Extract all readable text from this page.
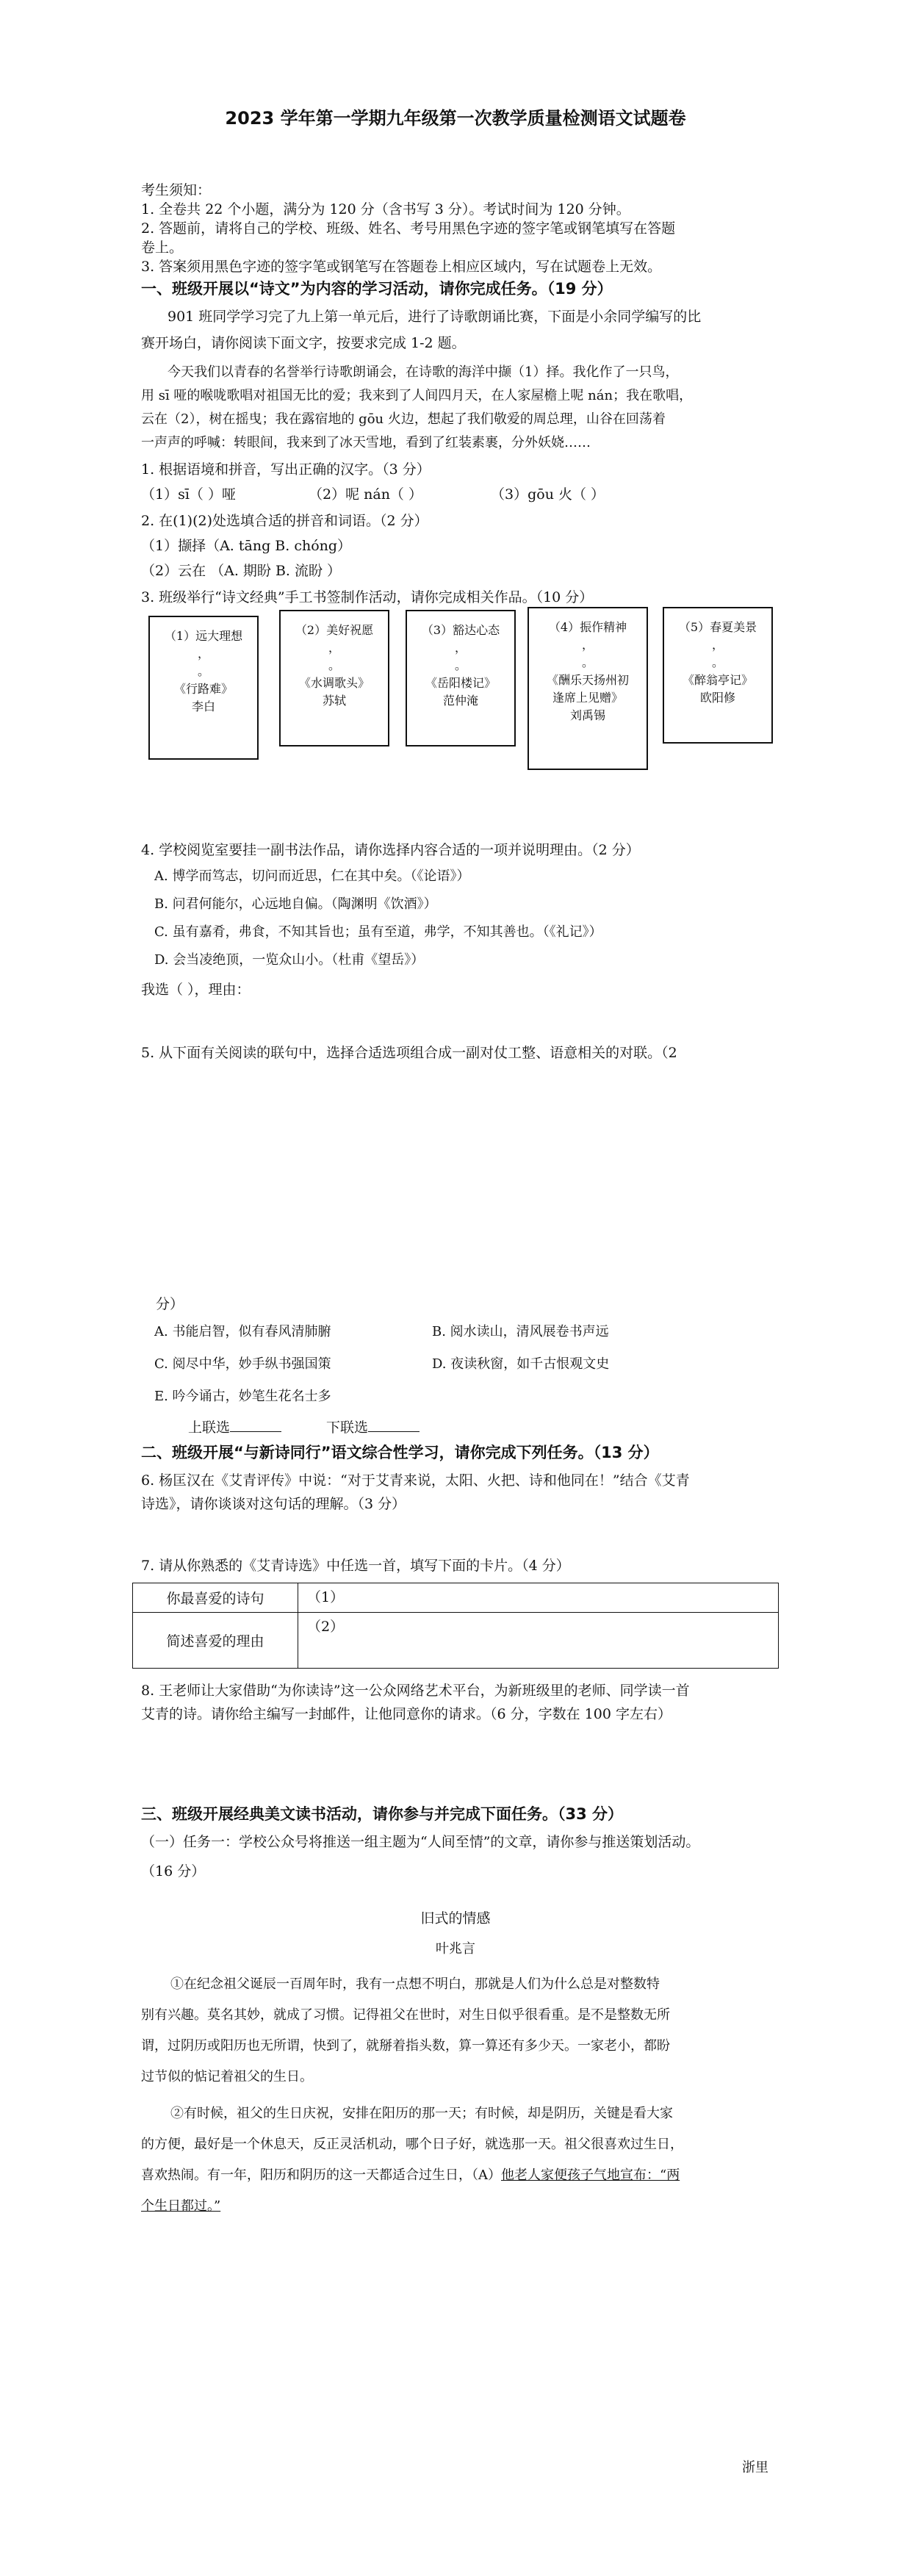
2023 学年第一学期九年级第一次教学质量检测语文试题卷
考生须知：
1. 全卷共 22 个小题，满分为 120 分（含书写 3 分）。考试时间为 120 分钟。
2. 答题前，请将自己的学校、班级、姓名、考号用黑色字迹的签字笔或钢笔填写在答题
卷上。
3. 答案须用黑色字迹的签字笔或钢笔写在答题卷上相应区域内，写在试题卷上无效。
一、班级开展以“诗文”为内容的学习活动，请你完成任务。（19 分）
901 班同学学习完了九上第一单元后，进行了诗歌朗诵比赛，下面是小余同学编写的比
赛开场白，请你阅读下面文字，按要求完成 1-2 题。
今天我们以青春的名誉举行诗歌朗诵会，在诗歌的海洋中撷（1）择。我化作了一只鸟，
用 sī 哑的喉咙歌唱对祖国无比的爱；我来到了人间四月天，在人家屋檐上呢 nán；我在歌唱，
云在（2），树在摇曳；我在露宿地的 gōu 火边，想起了我们敬爱的周总理，山谷在回荡着
一声声的呼喊：转眼间，我来到了冰天雪地，看到了红装素裹，分外妖娆……
1. 根据语境和拼音，写出正确的汉字。（3 分）
（1）sī（ ）哑	（2）呢 nán（ ）	（3）gōu 火（ ）
2. 在(1)(2)处选填合适的拼音和词语。（2 分）
（1）撷择（A. tāng B. chóng）
（2）云在 （A. 期盼 B. 流盼 ）
3. 班级举行“诗文经典”手工书签制作活动，请你完成相关作品。（10 分）
（1）远大理想
，
。
《行路难》
李白
（2）美好祝愿
，
。
《水调歌头》
苏轼
（3）豁达心态
，
。
《岳阳楼记》
范仲淹
（4）振作精神
，
。
《酬乐天扬州初
逢席上见赠》
刘禹锡
（5）春夏美景
，
。
《醉翁亭记》
欧阳修
4. 学校阅览室要挂一副书法作品，请你选择内容合适的一项并说明理由。（2 分）
A. 博学而笃志，切问而近思，仁在其中矣。（《论语》）
B. 问君何能尔，心远地自偏。（陶渊明《饮酒》）
C. 虽有嘉肴，弗食，不知其旨也；虽有至道，弗学，不知其善也。（《礼记》）
D. 会当凌绝顶，一览众山小。（杜甫《望岳》）
我选（ ），理由：
5. 从下面有关阅读的联句中，选择合适选项组合成一副对仗工整、语意相关的对联。（2
分）
A. 书能启智，似有春风清肺腑	B. 阅水读山，清风展卷书声远
C. 阅尽中华，妙手纵书强国策	D. 夜读秋窗，如千古恨观文史
E. 吟今诵古，妙笔生花名士多
上联选	下联选
二、班级开展“与新诗同行”语文综合性学习，请你完成下列任务。（13 分）
6. 杨匡汉在《艾青评传》中说：“对于艾青来说，太阳、火把、诗和他同在！”结合《艾青
诗选》，请你谈谈对这句话的理解。（3 分）
7. 请从你熟悉的《艾青诗选》中任选一首，填写下面的卡片。（4 分）
你最喜爱的诗句	（1）
简述喜爱的理由	（2）
8. 王老师让大家借助“为你读诗”这一公众网络艺术平台，为新班级里的老师、同学读一首
艾青的诗。请你给主编写一封邮件，让他同意你的请求。（6 分，字数在 100 字左右）
三、班级开展经典美文读书活动，请你参与并完成下面任务。（33 分）
（一）任务一：学校公众号将推送一组主题为“人间至情”的文章，请你参与推送策划活动。
（16 分）
旧式的情感
叶兆言
①在纪念祖父诞辰一百周年时，我有一点想不明白，那就是人们为什么总是对整数特
别有兴趣。莫名其妙，就成了习惯。记得祖父在世时，对生日似乎很看重。是不是整数无所
谓，过阴历或阳历也无所谓，快到了，就掰着指头数，算一算还有多少天。一家老小，都盼
过节似的惦记着祖父的生日。
②有时候，祖父的生日庆祝，安排在阳历的那一天；有时候，却是阴历，关键是看大家
的方便，最好是一个休息天，反正灵活机动，哪个日子好，就选那一天。祖父很喜欢过生日，
喜欢热闹。有一年，阳历和阴历的这一天都适合过生日，（A）他老人家便孩子气地宣布：“两
个生日都过。”
浙里
